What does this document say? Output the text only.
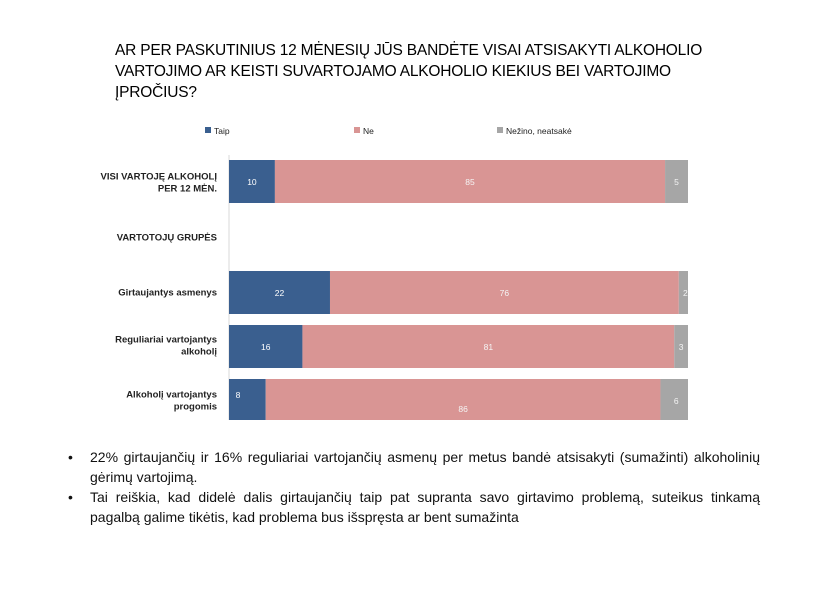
AR PER PASKUTINIUS 12 MĖNESIŲ JŪS BANDĖTE VISAI ATSISAKYTI ALKOHOLIO
VARTOJIMO AR KEISTI SUVARTOJAMO ALKOHOLIO KIEKIUS BEI VARTOJIMO
ĮPROČIUS?
Taip	Ne	Nežino, neatsakė
VISI VARTOJĘ ALKOHOLĮ
PER 12 MĖN.
VARTOTOJŲ GRUPĖS
Girtaujantys asmenys
Reguliariai vartojantys
alkoholį
Alkoholį vartojantys
progomis
10	85	5
22	76	2
16	81	3
8
86
6
•	22% girtaujančių ir 16% reguliariai vartojančių asmenų per metus bandė atsisakyti (sumažinti) alkoholinių gėrimų vartojimą.
•	Tai reiškia, kad didelė dalis girtaujančių taip pat supranta savo girtavimo problemą, suteikus tinkamą pagalbą galime tikėtis, kad problema bus išspręsta ar bent sumažinta
